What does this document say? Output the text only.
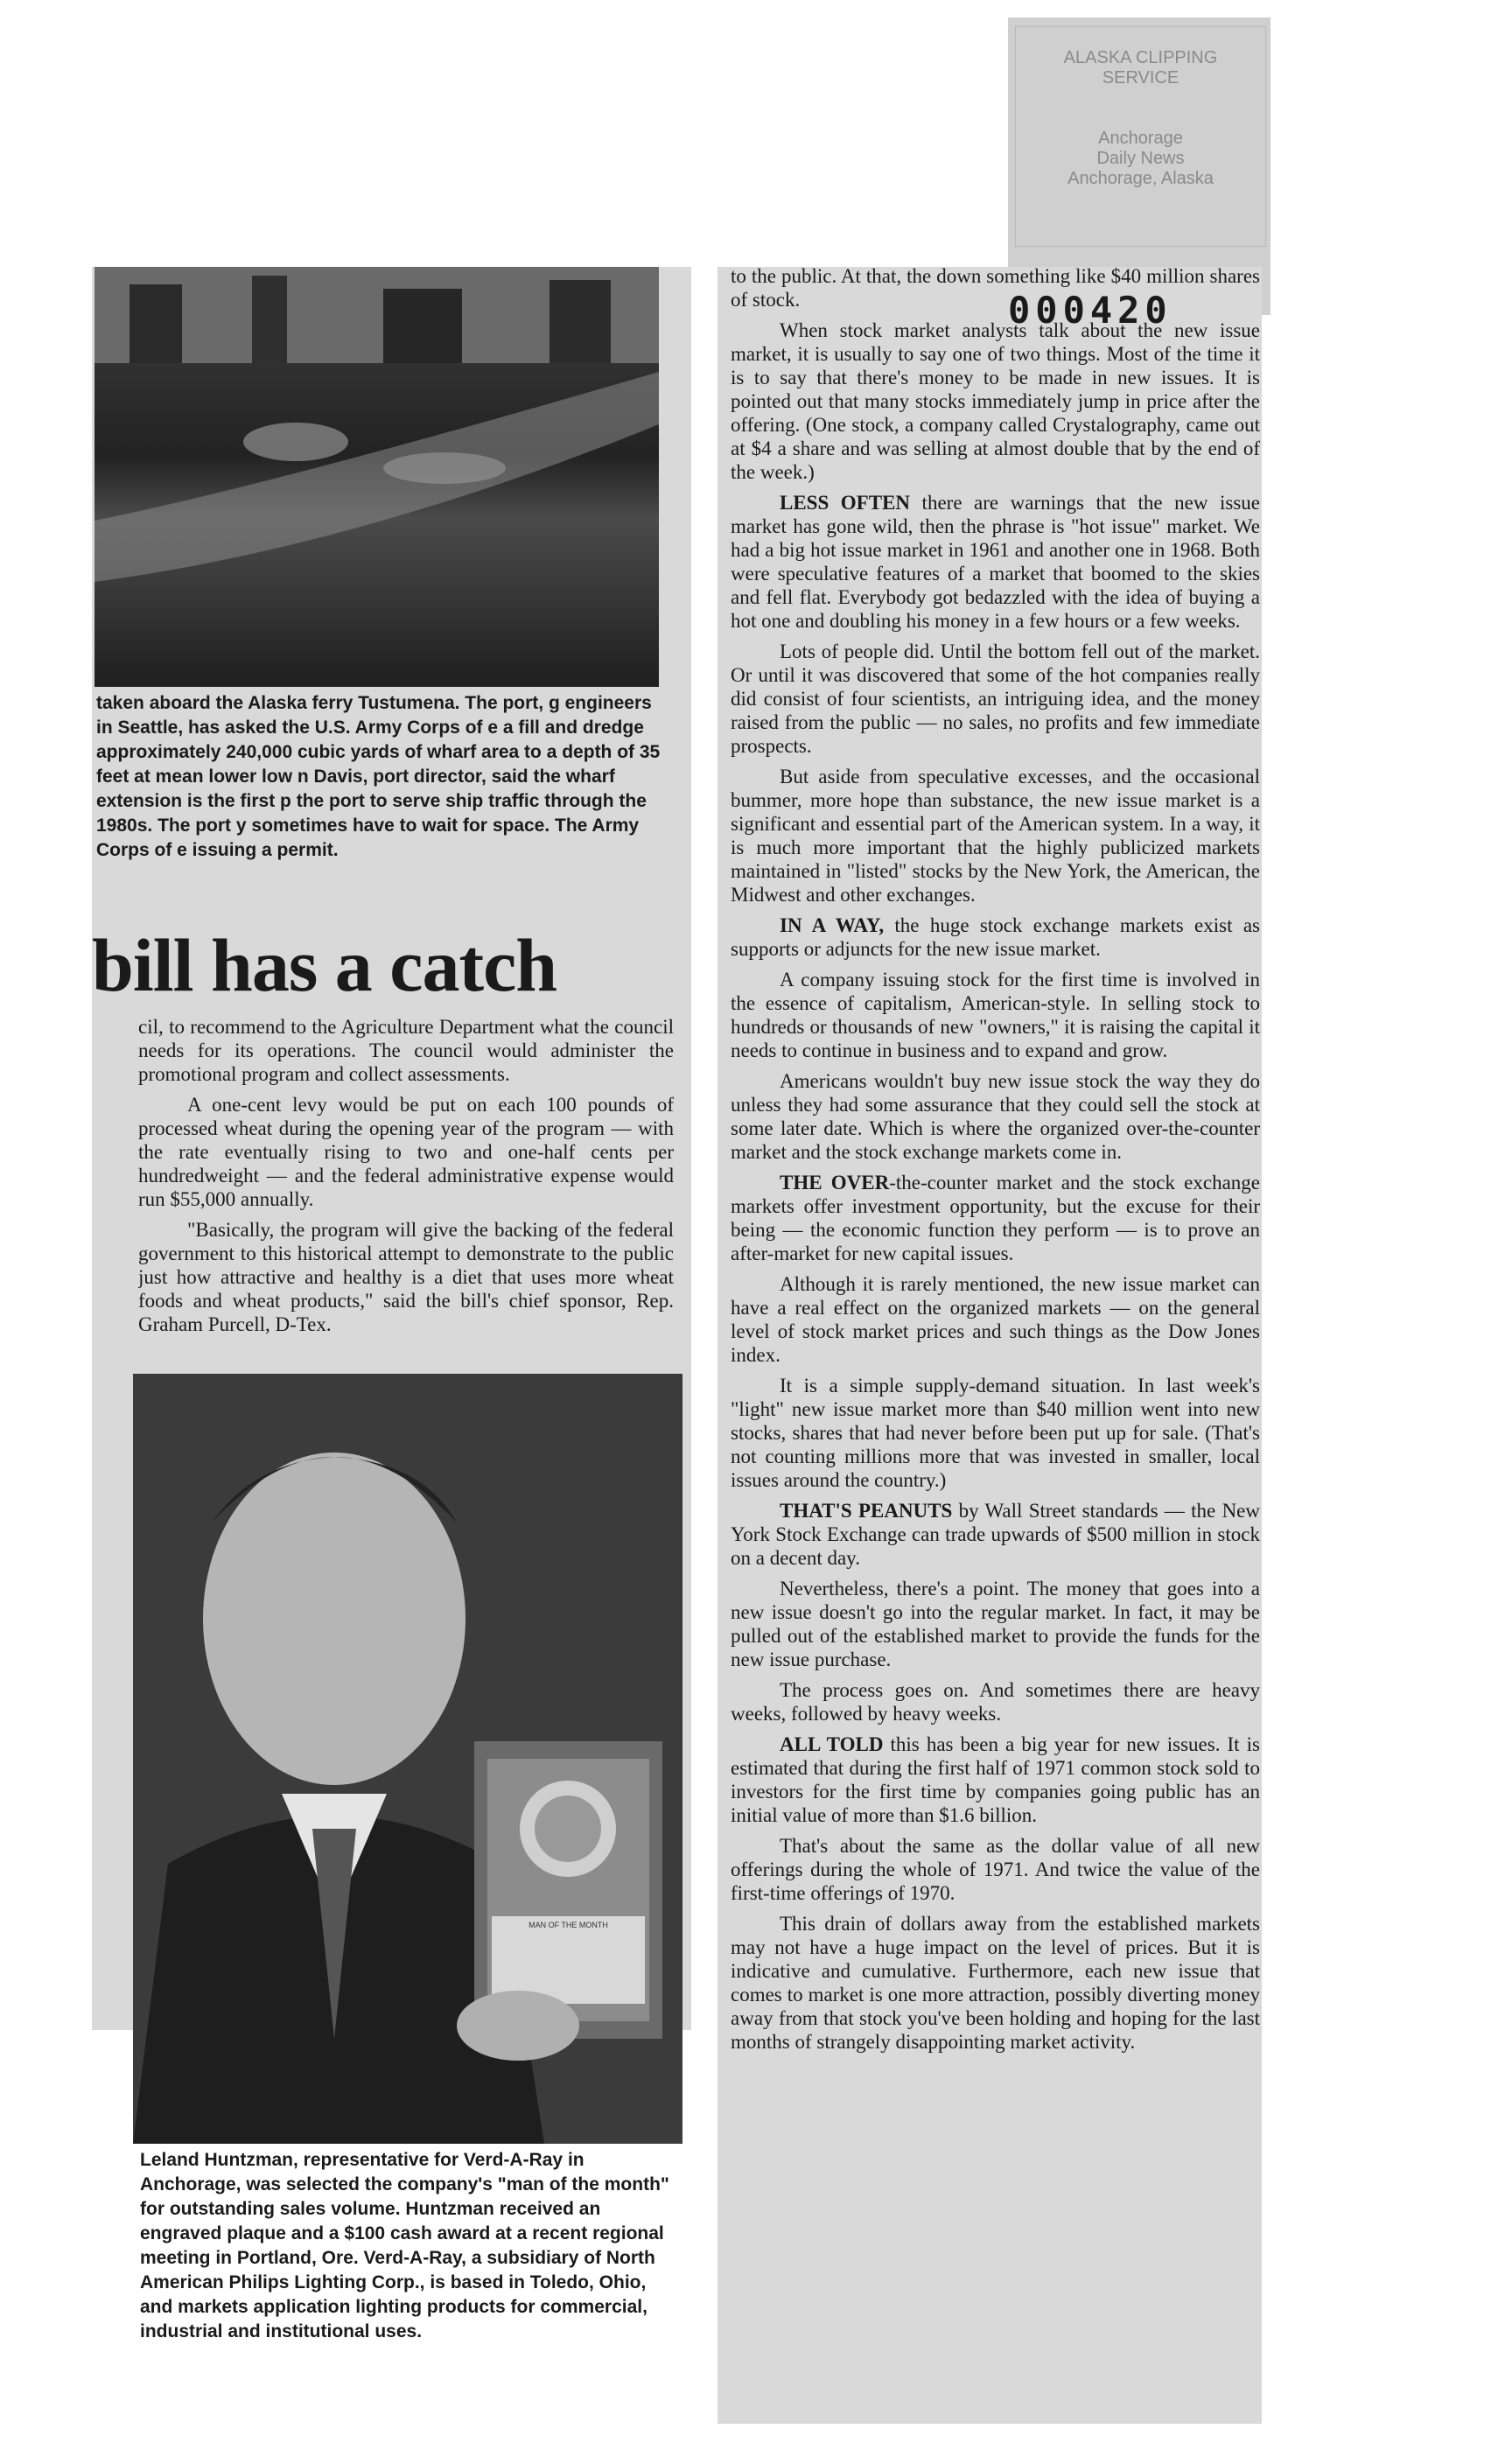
ALASKA CLIPPING
SERVICE
Anchorage
Daily News
Anchorage, Alaska
000420
taken aboard the Alaska ferry Tustumena. The port, g engineers in Seattle, has asked the U.S. Army Corps of e a fill and dredge approximately 240,000 cubic yards of wharf area to a depth of 35 feet at mean lower low n Davis, port director, said the wharf extension is the first p the port to serve ship traffic through the 1980s. The port y sometimes have to wait for space. The Army Corps of e issuing a permit.
bill has a catch

cil, to recommend to the Agriculture Department what the council needs for its operations. The council would administer the promotional program and collect assessments.

A one-cent levy would be put on each 100 pounds of processed wheat during the opening year of the program — with the rate eventually rising to two and one-half cents per hundredweight — and the federal administrative expense would run $55,000 annually.

"Basically, the program will give the backing of the federal government to this historical attempt to demonstrate to the public just how attractive and healthy is a diet that uses more wheat foods and wheat products," said the bill's chief sponsor, Rep. Graham Purcell, D-Tex.

MAN OF THE MONTH
Leland Huntzman, representative for Verd-A-Ray in Anchorage, was selected the company's "man of the month" for outstanding sales volume. Huntzman received an engraved plaque and a $100 cash award at a recent regional meeting in Portland, Ore. Verd-A-Ray, a subsidiary of North American Philips Lighting Corp., is based in Toledo, Ohio, and markets application lighting products for commercial, industrial and institutional uses.

to the public. At that, the down something like $40 million shares of stock.

When stock market analysts talk about the new issue market, it is usually to say one of two things. Most of the time it is to say that there's money to be made in new issues. It is pointed out that many stocks immediately jump in price after the offering. (One stock, a company called Crystalography, came out at $4 a share and was selling at almost double that by the end of the week.)

LESS OFTEN there are warnings that the new issue market has gone wild, then the phrase is "hot issue" market. We had a big hot issue market in 1961 and another one in 1968. Both were speculative features of a market that boomed to the skies and fell flat. Everybody got bedazzled with the idea of buying a hot one and doubling his money in a few hours or a few weeks.

Lots of people did. Until the bottom fell out of the market. Or until it was discovered that some of the hot companies really did consist of four scientists, an intriguing idea, and the money raised from the public — no sales, no profits and few immediate prospects.

But aside from speculative excesses, and the occasional bummer, more hope than substance, the new issue market is a significant and essential part of the American system. In a way, it is much more important that the highly publicized markets maintained in "listed" stocks by the New York, the American, the Midwest and other exchanges.

IN A WAY, the huge stock exchange markets exist as supports or adjuncts for the new issue market.

A company issuing stock for the first time is involved in the essence of capitalism, American-style. In selling stock to hundreds or thousands of new "owners," it is raising the capital it needs to continue in business and to expand and grow.

Americans wouldn't buy new issue stock the way they do unless they had some assurance that they could sell the stock at some later date. Which is where the organized over-the-counter market and the stock exchange markets come in.

THE OVER-the-counter market and the stock exchange markets offer investment opportunity, but the excuse for their being — the economic function they perform — is to prove an after-market for new capital issues.

Although it is rarely mentioned, the new issue market can have a real effect on the organized markets — on the general level of stock market prices and such things as the Dow Jones index.

It is a simple supply-demand situation. In last week's "light" new issue market more than $40 million went into new stocks, shares that had never before been put up for sale. (That's not counting millions more that was invested in smaller, local issues around the country.)

THAT'S PEANUTS by Wall Street standards — the New York Stock Exchange can trade upwards of $500 million in stock on a decent day.

Nevertheless, there's a point. The money that goes into a new issue doesn't go into the regular market. In fact, it may be pulled out of the established market to provide the funds for the new issue purchase.

The process goes on. And sometimes there are heavy weeks, followed by heavy weeks.

ALL TOLD this has been a big year for new issues. It is estimated that during the first half of 1971 common stock sold to investors for the first time by companies going public has an initial value of more than $1.6 billion.

That's about the same as the dollar value of all new offerings during the whole of 1971. And twice the value of the first-time offerings of 1970.

This drain of dollars away from the established markets may not have a huge impact on the level of prices. But it is indicative and cumulative. Furthermore, each new issue that comes to market is one more attraction, possibly diverting money away from that stock you've been holding and hoping for the last months of strangely disappointing market activity.
